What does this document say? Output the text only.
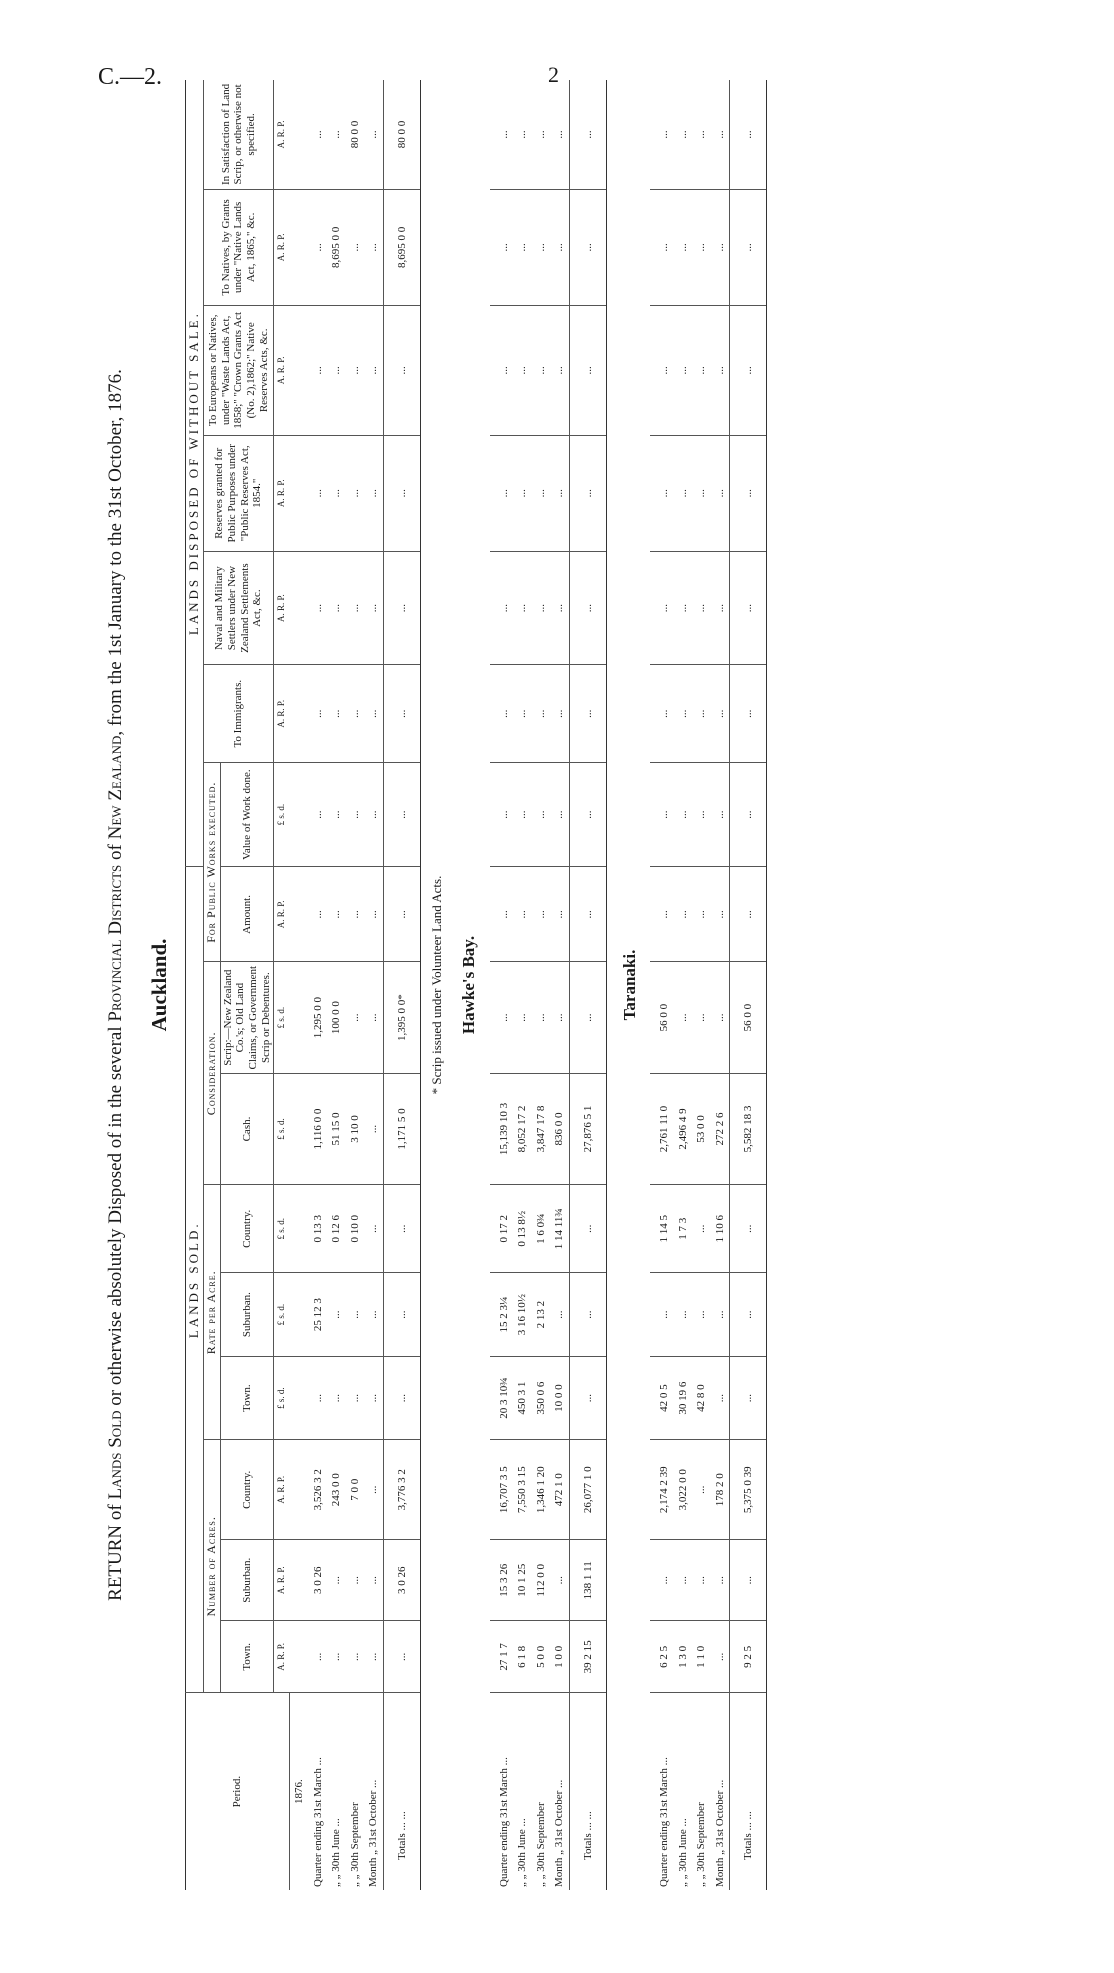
C.—2.	2
RETURN of Lands Sold or otherwise absolutely Disposed of in the several Provincial Districts of New Zealand, from the 1st January to the 31st October, 1876.
Auckland.
Period.	LANDS SOLD.									LANDS DISPOSED OF WITHOUT SALE.						
	Number of Acres.			Rate per Acre.			Consideration.		For Public Works executed.		To Immigrants.	Naval and Military Settlers under New Zealand Settlements Act, &c.	Reserves granted for Public Purposes under "Public Reserves Act, 1854."	To Europeans or Natives, under "Waste Lands Act, 1858;" "Crown Grants Act (No. 2),1862;" Native Reserves Acts, &c.	To Natives, by Grants under "Native Lands Act, 1865," &c.	In Satisfaction of Land Scrip, or otherwise not specified.
	Town.	Suburban.	Country.	Town.	Suburban.	Country.	Cash.	Scrip:—New Zealand Co.'s; Old Land Claims, or Government Scrip or Debentures.	Amount.	Value of Work done.						
	A. R. P.	A. R. P.	A. R. P.	£ s. d.	£ s. d.	£ s. d.	£ s. d.	£ s. d.	A. R. P.	£ s. d.	A. R. P.	A. R. P.	A. R. P.	A. R. P.	A. R. P.	A. R. P.
1876.																
Quarter ending 31st March ...	...	3 0 26	3,526 3 2	...	25 12 3	0 13 3	1,116 0 0	1,295 0 0	...	...	...	...	...	...	...	...
„ „ 30th June ...	...	...	243 0 0	...	...	0 12 6	51 15 0	100 0 0	...	...	...	...	...	...	8,695 0 0	...
„ „ 30th September	...	...	7 0 0	...	...	0 10 0	3 10 0	...	...	...	...	...	...	...	...	80 0 0
Month „ 31st October ...	...	...	...	...	...	...	...	...	...	...	...	...	...	...	...	...
Totals ... ...	...	3 0 26	3,776 3 2	...	...	...	1,171 5 0	1,395 0 0*	...	...	...	...	...	...	8,695 0 0	80 0 0
* Scrip issued under Volunteer Land Acts.																
Hawke's Bay.																
Quarter ending 31st March ...	27 1 7	15 3 26	16,707 3 5	20 3 10¾	15 2 3¼	0 17 2	15,139 10 3	...	...	...	...	...	...	...	...	...
„ „ 30th June ...	6 1 8	10 1 25	7,550 3 15	450 3 1	3 16 10½	0 13 8½	8,052 17 2	...	...	...	...	...	...	...	...	...
„ „ 30th September	5 0 0	112 0 0	1,346 1 20	350 0 6	2 13 2	1 6 0¾	3,847 17 8	...	...	...	...	...	...	...	...	...
Month „ 31st October ...	1 0 0	...	472 1 0	10 0 0	...	1 14 11¾	836 0 0	...	...	...	...	...	...	...	...	...
Totals ... ...	39 2 15	138 1 11	26,077 1 0	...	...	...	27,876 5 1	...	...	...	...	...	...	...	...	...
Taranaki.																
Quarter ending 31st March ...	6 2 5	...	2,174 2 39	42 0 5	...	1 14 5	2,761 11 0	56 0 0	...	...	...	...	...	...	...	...
„ „ 30th June ...	1 3 0	...	3,022 0 0	30 19 6	...	1 7 3	2,496 4 9	...	...	...	...	...	...	...	...	...
„ „ 30th September	1 1 0	...	...	42 8 0	...	...	53 0 0	...	...	...	...	...	...	...	...	...
Month „ 31st October ...	...	...	178 2 0	...	...	1 10 6	272 2 6	...	...	...	...	...	...	...	...	...
Totals ... ...	9 2 5	...	5,375 0 39	...	...	...	5,582 18 3	56 0 0	...	...	...	...	...	...	...	...
